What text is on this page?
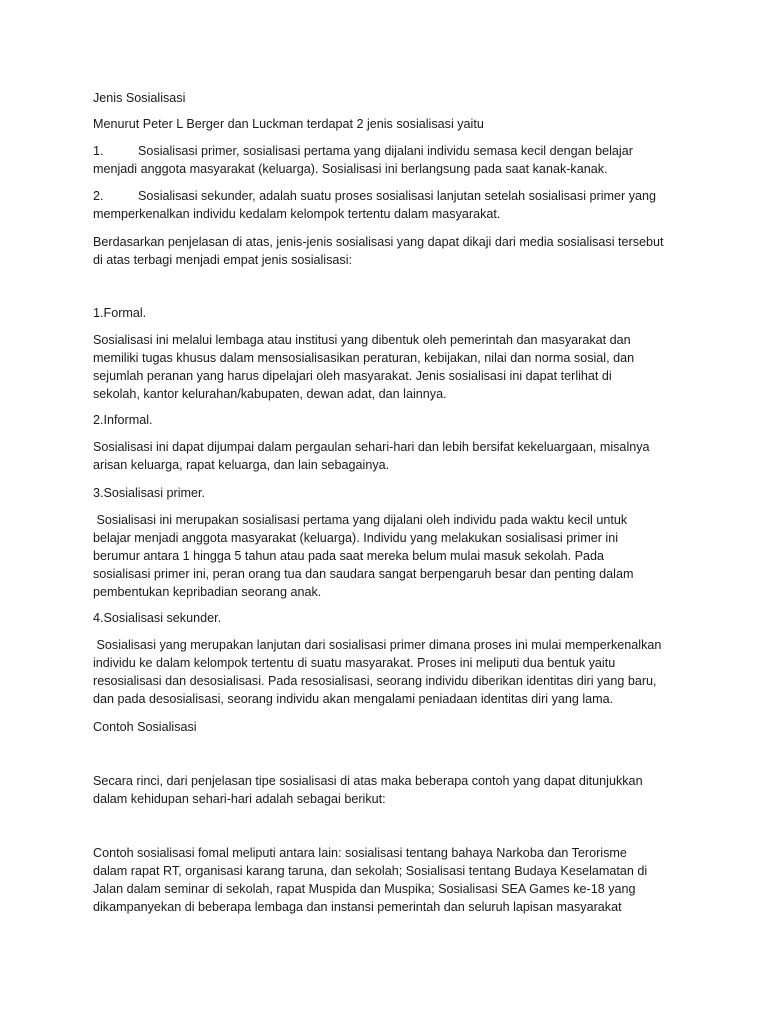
Jenis Sosialisasi

Menurut Peter L Berger dan Luckman terdapat 2 jenis sosialisasi yaitu

1.	Sosialisasi primer, sosialisasi pertama yang dijalani individu semasa kecil dengan belajar

menjadi anggota masyarakat (keluarga). Sosialisasi ini berlangsung pada saat kanak-kanak.

2.	Sosialisasi sekunder, adalah suatu proses sosialisasi lanjutan setelah sosialisasi primer yang

memperkenalkan individu kedalam kelompok tertentu dalam masyarakat.

Berdasarkan penjelasan di atas, jenis-jenis sosialisasi yang dapat dikaji dari media sosialisasi tersebut

di atas terbagi menjadi empat jenis sosialisasi:

1.Formal.

Sosialisasi ini melalui lembaga atau institusi yang dibentuk oleh pemerintah dan masyarakat dan

memiliki tugas khusus dalam mensosialisasikan peraturan, kebijakan, nilai dan norma sosial, dan

sejumlah peranan yang harus dipelajari oleh masyarakat. Jenis sosialisasi ini dapat terlihat di

sekolah, kantor kelurahan/kabupaten, dewan adat, dan lainnya.

2.Informal.

Sosialisasi ini dapat dijumpai dalam pergaulan sehari-hari dan lebih bersifat kekeluargaan, misalnya

arisan keluarga, rapat keluarga, dan lain sebagainya.

3.Sosialisasi primer.

Sosialisasi ini merupakan sosialisasi pertama yang dijalani oleh individu pada waktu kecil untuk

belajar menjadi anggota masyarakat (keluarga). Individu yang melakukan sosialisasi primer ini

berumur antara 1 hingga 5 tahun atau pada saat mereka belum mulai masuk sekolah. Pada

sosialisasi primer ini, peran orang tua dan saudara sangat berpengaruh besar dan penting dalam

pembentukan kepribadian seorang anak.

4.Sosialisasi sekunder.

Sosialisasi yang merupakan lanjutan dari sosialisasi primer dimana proses ini mulai memperkenalkan

individu ke dalam kelompok tertentu di suatu masyarakat. Proses ini meliputi dua bentuk yaitu

resosialisasi dan desosialisasi. Pada resosialisasi, seorang individu diberikan identitas diri yang baru,

dan pada desosialisasi, seorang individu akan mengalami peniadaan identitas diri yang lama.

Contoh Sosialisasi

Secara rinci, dari penjelasan tipe sosialisasi di atas maka beberapa contoh yang dapat ditunjukkan

dalam kehidupan sehari-hari adalah sebagai berikut:

Contoh sosialisasi fomal meliputi antara lain: sosialisasi tentang bahaya Narkoba dan Terorisme

dalam rapat RT, organisasi karang taruna, dan sekolah; Sosialisasi tentang Budaya Keselamatan di

Jalan dalam seminar di sekolah, rapat Muspida dan Muspika; Sosialisasi SEA Games ke-18 yang

dikampanyekan di beberapa lembaga dan instansi pemerintah dan seluruh lapisan masyarakat
